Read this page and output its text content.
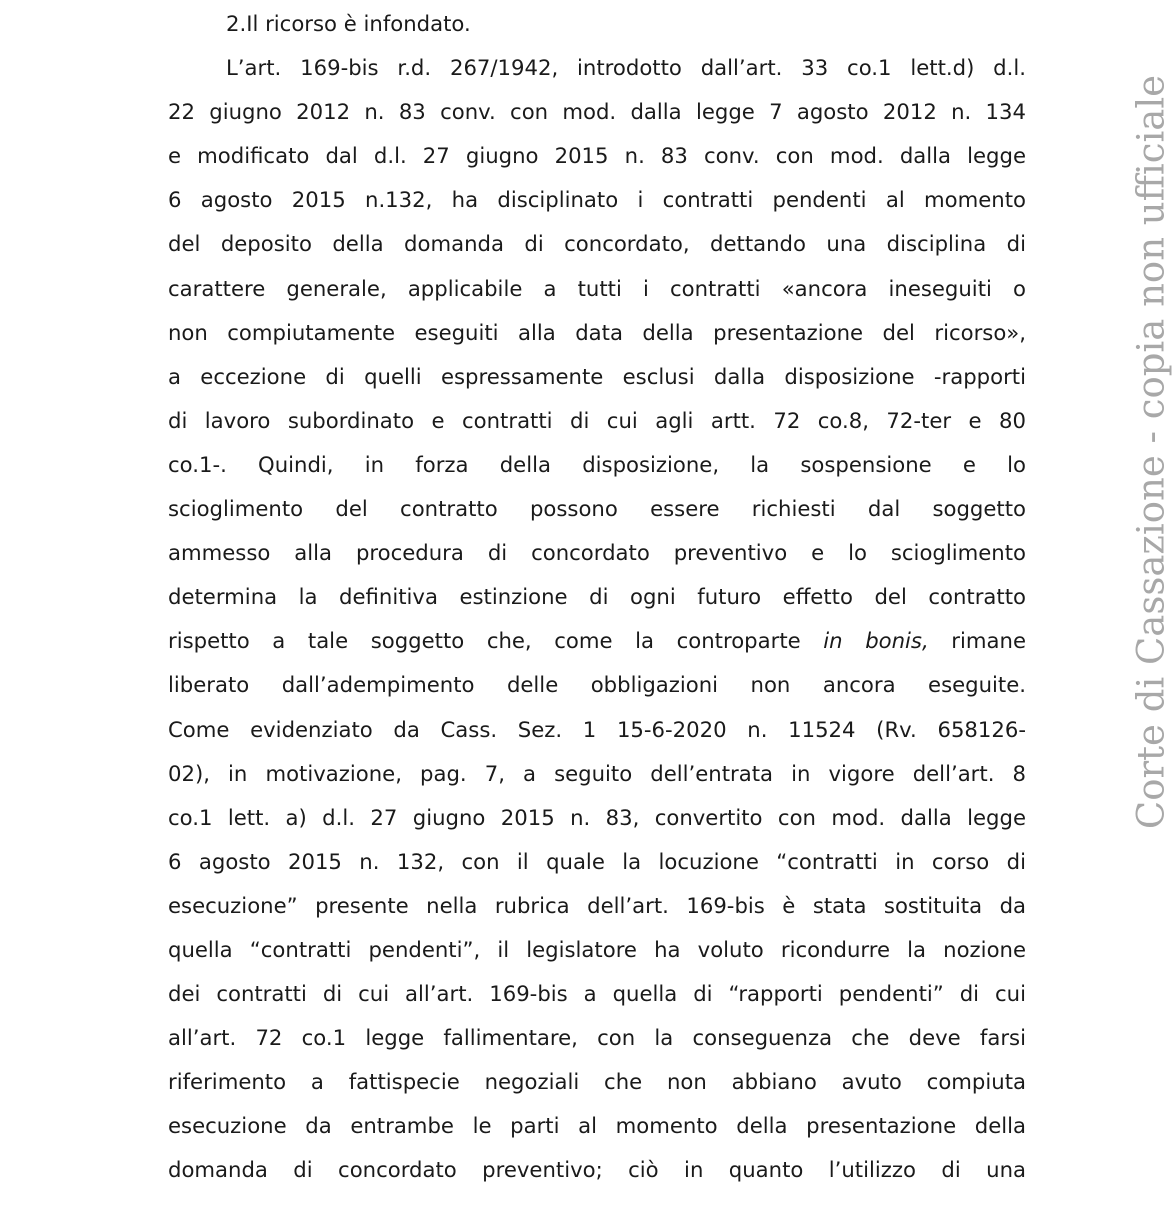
2.Il ricorso è infondato.
L’art. 169-bis r.d. 267/1942, introdotto dall’art. 33 co.1 lett.d) d.l.
22 giugno 2012 n. 83 conv. con mod. dalla legge 7 agosto 2012 n. 134
e modificato dal d.l. 27 giugno 2015 n. 83 conv. con mod. dalla legge
6 agosto 2015 n.132, ha disciplinato i contratti pendenti al momento
del deposito della domanda di concordato, dettando una disciplina di
carattere generale, applicabile a tutti i contratti «ancora ineseguiti o
non compiutamente eseguiti alla data della presentazione del ricorso»,
a eccezione di quelli espressamente esclusi dalla disposizione -rapporti
di lavoro subordinato e contratti di cui agli artt. 72 co.8, 72-ter e 80
co.1-. Quindi, in forza della disposizione, la sospensione e lo
scioglimento del contratto possono essere richiesti dal soggetto
ammesso alla procedura di concordato preventivo e lo scioglimento
determina la definitiva estinzione di ogni futuro effetto del contratto
rispetto a tale soggetto che, come la controparte in bonis, rimane
liberato dall’adempimento delle obbligazioni non ancora eseguite.
Come evidenziato da Cass. Sez. 1 15-6-2020 n. 11524 (Rv. 658126-
02), in motivazione, pag. 7, a seguito dell’entrata in vigore dell’art. 8
co.1 lett. a) d.l. 27 giugno 2015 n. 83, convertito con mod. dalla legge
6 agosto 2015 n. 132, con il quale la locuzione “contratti in corso di
esecuzione” presente nella rubrica dell’art. 169-bis è stata sostituita da
quella “contratti pendenti”, il legislatore ha voluto ricondurre la nozione
dei contratti di cui all’art. 169-bis a quella di “rapporti pendenti” di cui
all’art. 72 co.1 legge fallimentare, con la conseguenza che deve farsi
riferimento a fattispecie negoziali che non abbiano avuto compiuta
esecuzione da entrambe le parti al momento della presentazione della
domanda di concordato preventivo; ciò in quanto l’utilizzo di una
Corte di Cassazione - copia non ufficiale
